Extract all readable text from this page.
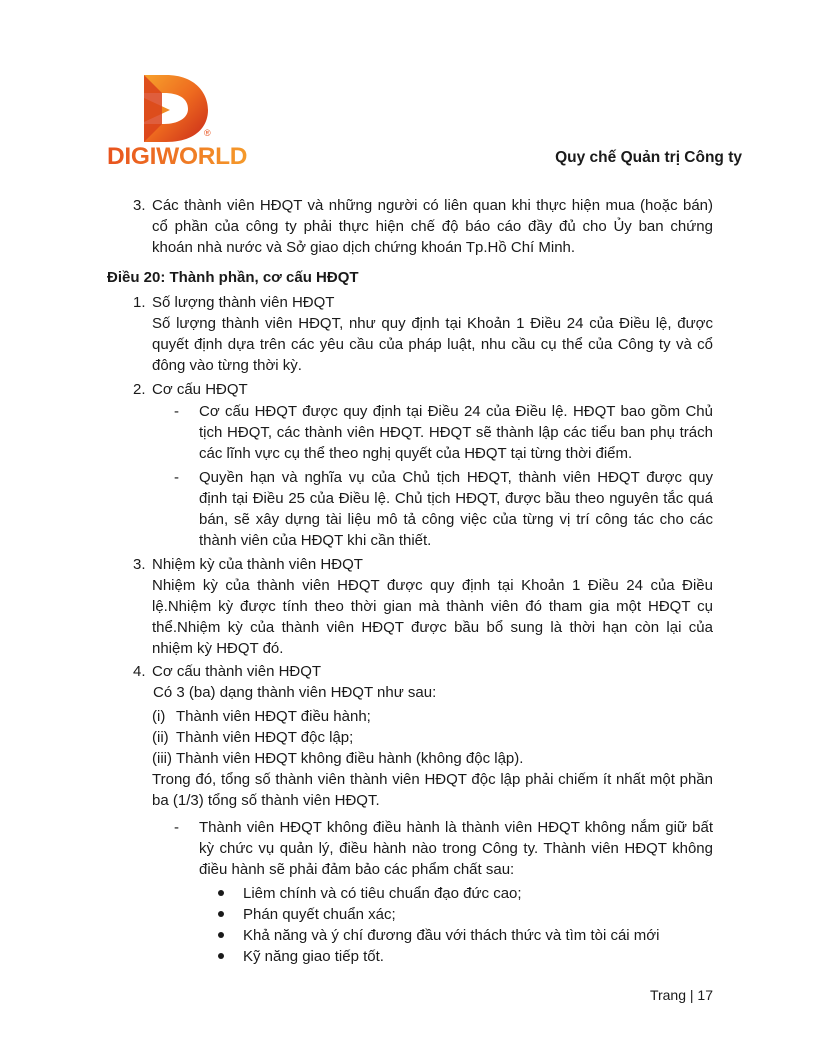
®
DIGIWORLD	Quy chế Quản trị Công ty
3. Các thành viên HĐQT và những người có liên quan khi thực hiện mua (hoặc bán)
cổ phần của công ty phải thực hiện chế độ báo cáo đầy đủ cho Ủy ban chứng
khoán nhà nước và Sở giao dịch chứng khoán Tp.Hồ Chí Minh.
Điều 20: Thành phần, cơ cấu HĐQT
1. Số lượng thành viên HĐQT
Số lượng thành viên HĐQT, như quy định tại Khoản 1 Điều 24 của Điều lệ, được
quyết định dựa trên các yêu cầu của pháp luật, nhu cầu cụ thể của Công ty và cổ
đông vào từng thời kỳ.
2. Cơ cấu HĐQT
- Cơ cấu HĐQT được quy định tại Điều 24 của Điều lệ. HĐQT bao gồm Chủ
tịch HĐQT, các thành viên HĐQT. HĐQT sẽ thành lập các tiểu ban phụ trách
các lĩnh vực cụ thể theo nghị quyết của HĐQT tại từng thời điểm.
- Quyền hạn và nghĩa vụ của Chủ tịch HĐQT, thành viên HĐQT được quy
định tại Điều 25 của Điều lệ. Chủ tịch HĐQT, được bầu theo nguyên tắc quá
bán, sẽ xây dựng tài liệu mô tả công việc của từng vị trí công tác cho các
thành viên của HĐQT khi cần thiết.
3. Nhiệm kỳ của thành viên HĐQT
Nhiệm kỳ của thành viên HĐQT được quy định tại Khoản 1 Điều 24 của Điều
lệ.Nhiệm kỳ được tính theo thời gian mà thành viên đó tham gia một HĐQT cụ
thể.Nhiệm kỳ của thành viên HĐQT được bầu bổ sung là thời hạn còn lại của
nhiệm kỳ HĐQT đó.
4. Cơ cấu thành viên HĐQT
Có 3 (ba) dạng thành viên HĐQT như sau:
(i) Thành viên HĐQT điều hành;
(ii) Thành viên HĐQT độc lập;
(iii) Thành viên HĐQT không điều hành (không độc lập).
Trong đó, tổng số thành viên thành viên HĐQT độc lập phải chiếm ít nhất một phần
ba (1/3) tổng số thành viên HĐQT.
- Thành viên HĐQT không điều hành là thành viên HĐQT không nắm giữ bất
kỳ chức vụ quản lý, điều hành nào trong Công ty. Thành viên HĐQT không
điều hành sẽ phải đảm bảo các phẩm chất sau:
Liêm chính và có tiêu chuẩn đạo đức cao;
Phán quyết chuẩn xác;
Khả năng và ý chí đương đầu với thách thức và tìm tòi cái mới
Kỹ năng giao tiếp tốt.
Trang | 17
